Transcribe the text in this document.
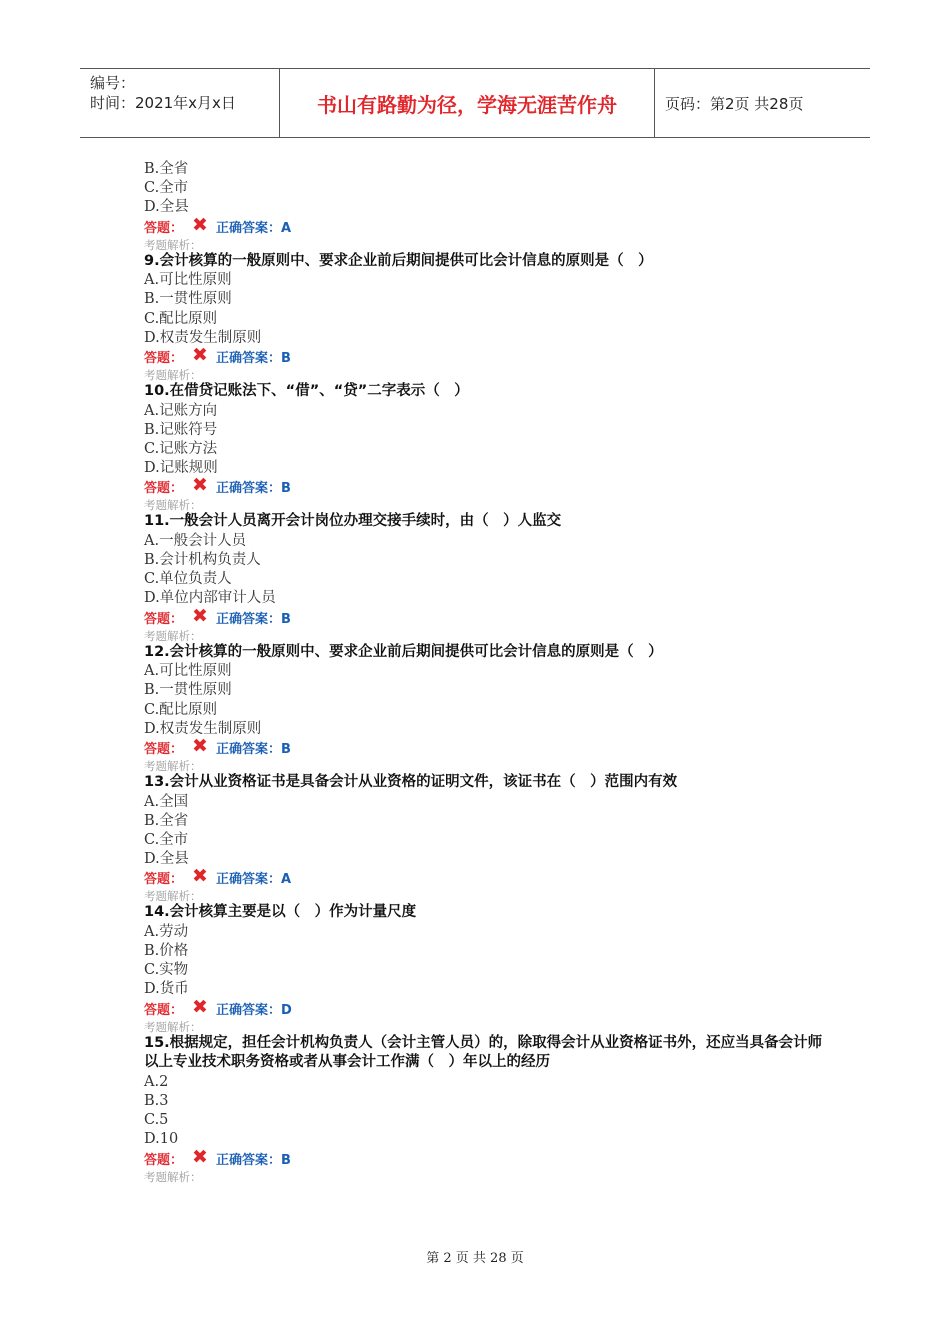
编号：
时间：2021年x月x日	书山有路勤为径，学海无涯苦作舟	页码：第2页 共28页
B.全省
C.全市
D.全县
答题： ✖ 正确答案： A
考题解析：
9.会计核算的一般原则中、要求企业前后期间提供可比会计信息的原则是（　）
A.可比性原则
B.一贯性原则
C.配比原则
D.权责发生制原则
答题： ✖ 正确答案： B
考题解析：
10.在借贷记账法下、“借”、“贷”二字表示（　）
A.记账方向
B.记账符号
C.记账方法
D.记账规则
答题： ✖ 正确答案： B
考题解析：
11.一般会计人员离开会计岗位办理交接手续时，由（　）人监交
A.一般会计人员
B.会计机构负责人
C.单位负责人
D.单位内部审计人员
答题： ✖ 正确答案： B
考题解析：
12.会计核算的一般原则中、要求企业前后期间提供可比会计信息的原则是（　）
A.可比性原则
B.一贯性原则
C.配比原则
D.权责发生制原则
答题： ✖ 正确答案： B
考题解析：
13.会计从业资格证书是具备会计从业资格的证明文件，该证书在（　）范围内有效
A.全国
B.全省
C.全市
D.全县
答题： ✖ 正确答案： A
考题解析：
14.会计核算主要是以（　）作为计量尺度
A.劳动
B.价格
C.实物
D.货币
答题： ✖ 正确答案： D
考题解析：
15.根据规定，担任会计机构负责人（会计主管人员）的，除取得会计从业资格证书外，还应当具备会计师以上专业技术职务资格或者从事会计工作满（　）年以上的经历
A.2
B.3
C.5
D.10
答题： ✖ 正确答案： B
考题解析：
第 2 页 共 28 页
